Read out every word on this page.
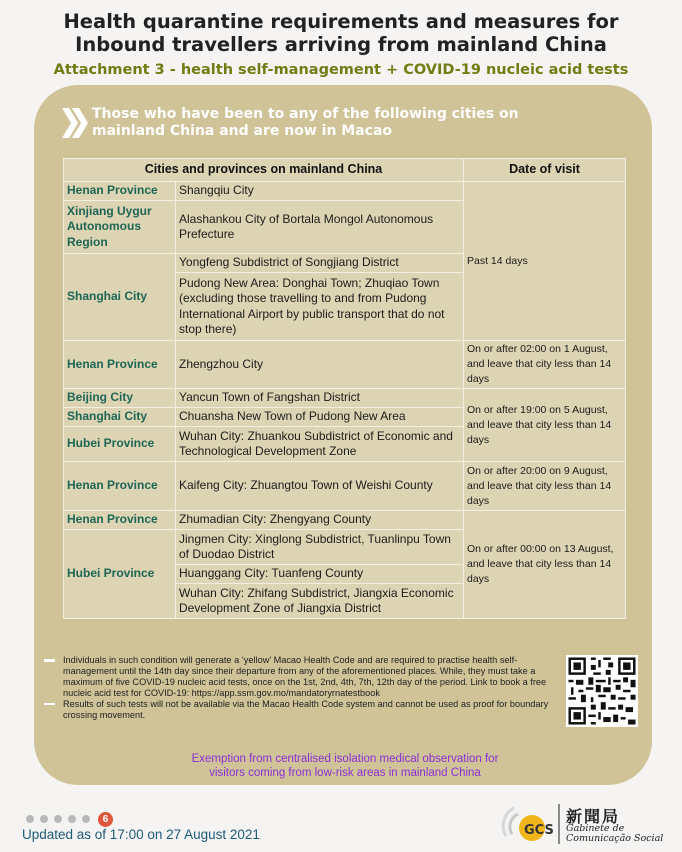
Health quarantine requirements and measures for
Inbound travellers arriving from mainland China
Attachment 3 - health self-management + COVID-19 nucleic acid tests
Those who have been to any of the following cities on
mainland China and are now in Macao
Cities and provinces on mainland China		Date of visit
Henan Province	Shangqiu City	Past 14 days
Xinjiang Uygur Autonomous Region	Alashankou City of Bortala Mongol Autonomous Prefecture	
Shanghai City	Yongfeng Subdistrict of Songjiang District	
	Pudong New Area: Donghai Town; Zhuqiao Town (excluding those travelling to and from Pudong International Airport by public transport that do not stop there)	
Henan Province	Zhengzhou City	On or after 02:00 on 1 August, and leave that city less than 14 days
Beijing City	Yancun Town of Fangshan District	On or after 19:00 on 5 August, and leave that city less than 14 days
Shanghai City	Chuansha New Town of Pudong New Area	
Hubei Province	Wuhan City: Zhuankou Subdistrict of Economic and Technological Development Zone	
Henan Province	Kaifeng City: Zhuangtou Town of Weishi County	On or after 20:00 on 9 August, and leave that city less than 14 days
Henan Province	Zhumadian City: Zhengyang County	On or after 00:00 on 13 August, and leave that city less than 14 days
Hubei Province	Jingmen City: Xinglong Subdistrict, Tuanlinpu Town of Duodao District	
	Huanggang City: Tuanfeng County	
	Wuhan City: Zhifang Subdistrict, Jiangxia Economic Development Zone of Jiangxia District	
Individuals in such condition will generate a ‘yellow’ Macao Health Code and are required to practise health self-management until the 14th day since their departure from any of the aforementioned places. While, they must take a maximum of five COVID-19 nucleic acid tests, once on the 1st, 2nd, 4th, 7th, 12th day of the period. Link to book a free nucleic acid test for COVID-19: https://app.ssm.gov.mo/mandatoryrnatestbook
Results of such tests will not be available via the Macao Health Code system and cannot be used as proof for boundary crossing movement.
Exemption from centralised isolation medical observation for
visitors coming from low-risk areas in mainland China
6
Updated as of 17:00 on 27 August 2021	GCS
新聞局
Gabinete de
Comunicação Social
